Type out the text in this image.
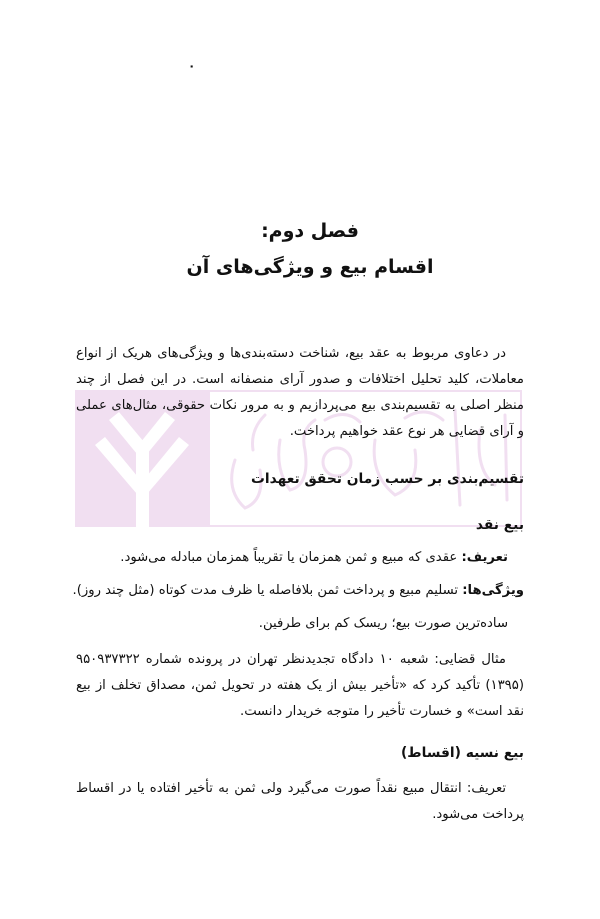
۰
فصل دوم:
اقسام بیع و ویژگی‌های آن
در دعاوی مربوط به عقد بیع، شناخت دسته‌بندی‌ها و ویژگی‌های هریک از انواع معاملات، کلید تحلیل اختلافات و صدور آرای منصفانه است. در این فصل از چند منظر اصلی به تقسیم‌بندی بیع می‌پردازیم و به مرور نکات حقوقی، مثال‌های عملی و آرای قضایی هر نوع عقد خواهیم پرداخت.
تقسیم‌بندی بر حسب زمان تحقق تعهدات
بیع نقد
تعریف: عقدی که مبیع و ثمن همزمان یا تقریباً همزمان مبادله می‌شود.
ویژگی‌ها: تسلیم مبیع و پرداخت ثمن بلافاصله یا ظرف مدت کوتاه (مثل چند روز).
ساده‌ترین صورت بیع؛ ریسک کم برای طرفین.
مثال قضایی: شعبه ۱۰ دادگاه تجدیدنظر تهران در پرونده شماره ۹۵۰۹۳۷۳۲۲ (۱۳۹۵) تأکید کرد که «تأخیر بیش از یک هفته در تحویل ثمن، مصداق تخلف از بیع نقد است» و خسارت تأخیر را متوجه خریدار دانست.
بیع نسیه (اقساط)
تعریف: انتقال مبیع نقداً صورت می‌گیرد ولی ثمن به تأخیر افتاده یا در اقساط پرداخت می‌شود.
